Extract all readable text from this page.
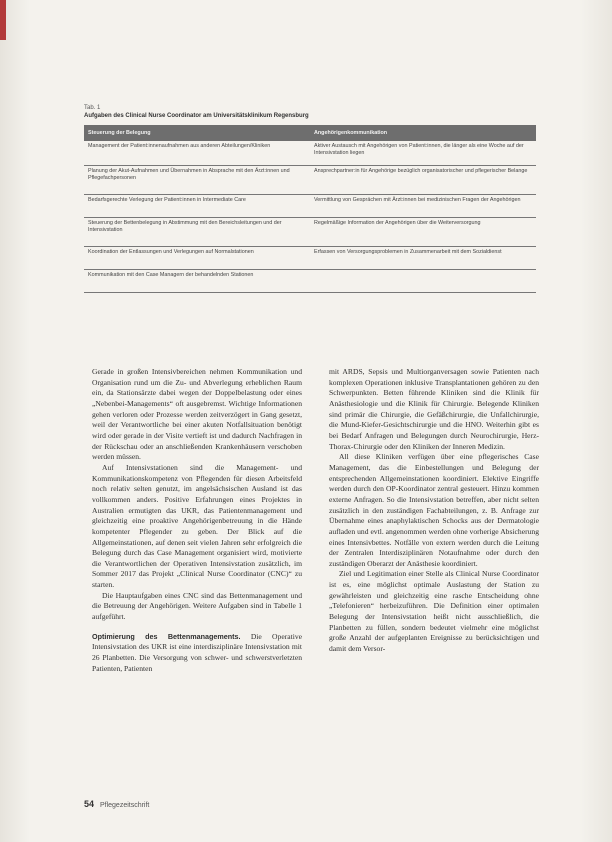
Tab. 1
Aufgaben des Clinical Nurse Coordinator am Universitätsklinikum Regensburg
Steuerung der Belegung	Angehörigenkommunikation
Management der Patient:innenaufnahmen aus anderen Abteilungen/Kliniken	Aktiver Austausch mit Angehörigen von Patient:innen, die länger als eine Woche auf der Intensivstation liegen
Planung der Akut-Aufnahmen und Übernahmen in Absprache mit den Ärzt:innen und Pflegefachpersonen	Ansprechpartner:in für Angehörige bezüglich organisatorischer und pflegerischer Belange
Bedarfsgerechte Verlegung der Patient:innen in Intermediate Care	Vermittlung von Gesprächen mit Ärzt:innen bei medizinischen Fragen der Angehörigen
Steuerung der Bettenbelegung in Abstimmung mit den Bereichsleitungen und der Intensivstation	Regelmäßige Information der Angehörigen über die Weiterversorgung
Koordination der Entlassungen und Verlegungen auf Normalstationen	Erfassen von Versorgungsproblemen in Zusammenarbeit mit dem Sozialdienst
Kommunikation mit den Case Managern der behandelnden Stationen	

Gerade in großen Intensivbereichen nehmen Kommunikation und Organisation rund um die Zu- und Abverlegung erheblichen Raum ein, da Stationsärzte dabei wegen der Doppelbelastung oder eines „Nebenbei-Managements“ oft ausgebremst. Wichtige Informationen gehen verloren oder Prozesse werden zeitverzögert in Gang gesetzt, weil der Verantwortliche bei einer akuten Notfallsituation benötigt wird oder gerade in der Visite vertieft ist und dadurch Nachfragen in der Rückschau oder an anschließenden Krankenhäusern verschoben werden müssen.

Auf Intensivstationen sind die Management- und Kommunikationskompetenz von Pflegenden für diesen Arbeitsfeld noch relativ selten genutzt, im angelsächsischen Ausland ist das vollkommen anders. Positive Erfahrungen eines Projektes in Australien ermutigten das UKR, das Patientenmanagement und gleichzeitig eine proaktive Angehörigenbetreuung in die Hände kompetenter Pflegender zu geben. Der Blick auf die Allgemeinstationen, auf denen seit vielen Jahren sehr erfolgreich die Belegung durch das Case Management organisiert wird, motivierte die Verantwortlichen der Operativen Intensivstation zusätzlich, im Sommer 2017 das Projekt „Clinical Nurse Coordinator (CNC)“ zu starten.

Die Hauptaufgaben eines CNC sind das Bettenmanagement und die Betreuung der Angehörigen. Weitere Aufgaben sind in Tabelle 1 aufgeführt.

Optimierung des Bettenmanagements. Die Operative Intensivstation des UKR ist eine interdisziplinäre Intensivstation mit 26 Planbetten. Die Versorgung von schwer- und schwerstverletzten Patienten, Patienten

mit ARDS, Sepsis und Multiorganversagen sowie Patienten nach komplexen Operationen inklusive Transplantationen gehören zu den Schwerpunkten. Betten führende Kliniken sind die Klinik für Anästhesiologie und die Klinik für Chirurgie. Belegende Kliniken sind primär die Chirurgie, die Gefäßchirurgie, die Unfallchirurgie, die Mund-Kiefer-Gesichtschirurgie und die HNO. Weiterhin gibt es bei Bedarf Anfragen und Belegungen durch Neurochirurgie, Herz-Thorax-Chirurgie oder den Kliniken der Inneren Medizin.

All diese Kliniken verfügen über eine pflegerisches Case Management, das die Einbestellungen und Belegung der entsprechenden Allgemeinstationen koordiniert. Elektive Eingriffe werden durch den OP-Koordinator zentral gesteuert. Hinzu kommen externe Anfragen. So die Intensivstation betreffen, aber nicht selten zusätzlich in den zuständigen Fachabteilungen, z. B. Anfrage zur Übernahme eines anaphylaktischen Schocks aus der Dermatologie aufladen und evtl. angenommen werden ohne vorherige Absicherung eines Intensivbettes. Notfälle von extern werden durch die Leitung der Zentralen Interdisziplinären Notaufnahme oder durch den zuständigen Oberarzt der Anästhesie koordiniert.

Ziel und Legitimation einer Stelle als Clinical Nurse Coordinator ist es, eine möglichst optimale Auslastung der Station zu gewährleisten und gleichzeitig eine rasche Entscheidung ohne „Telefonieren“ herbeizuführen. Die Definition einer optimalen Belegung der Intensivstation heißt nicht ausschließlich, die Planbetten zu füllen, sondern bedeutet vielmehr eine möglichst große Anzahl der aufgeplanten Ereignisse zu berücksichtigen und damit dem Versor-

54 Pflegezeitschrift
